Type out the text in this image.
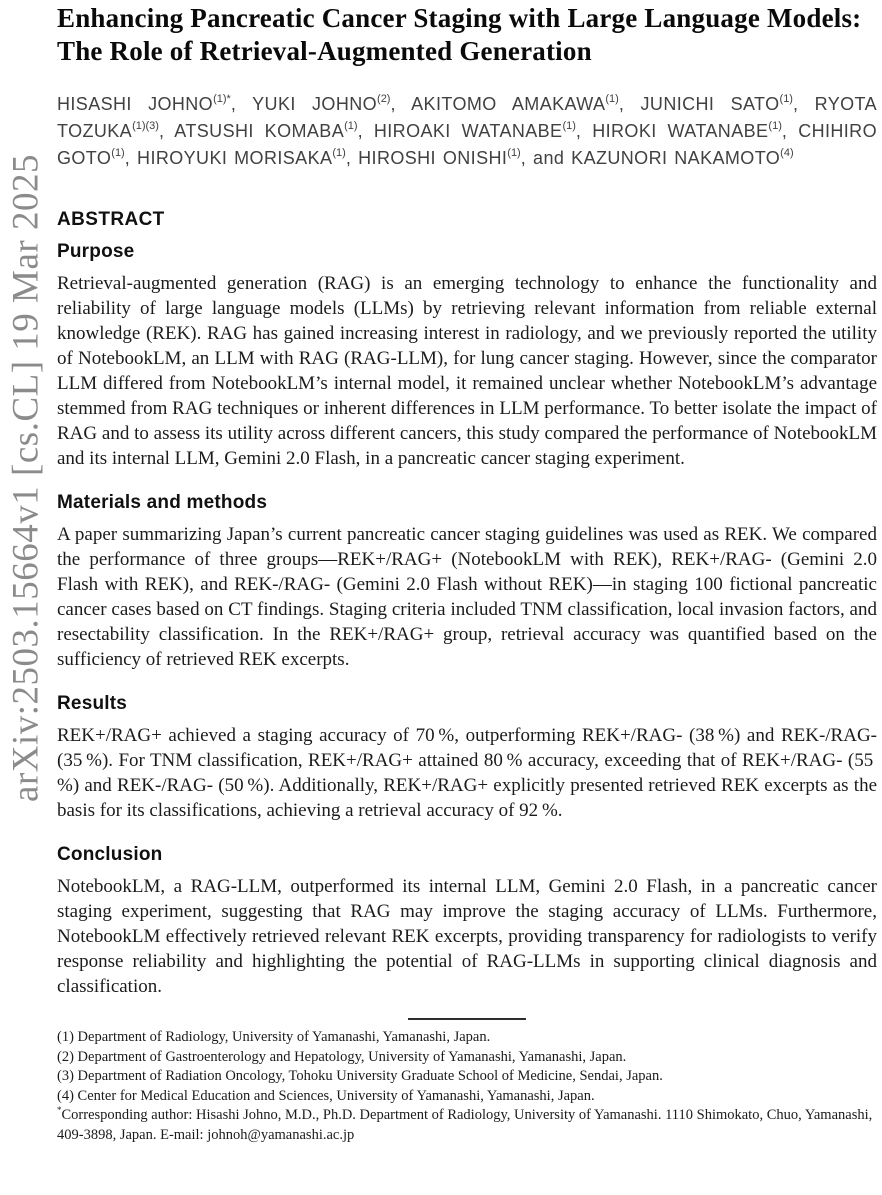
arXiv:2503.15664v1 [cs.CL] 19 Mar 2025
Enhancing Pancreatic Cancer Staging with Large Language Models: The Role of Retrieval-Augmented Generation

HISASHI $JOHNO^{(1)*}$, YUKI JOHNO$^{(2)}$, AKITOMO AMAKAWA$^{(1)}$, JUNICHI SATO$^{(1)}$, RYOTA $TOZUKA^{(1)(3)}$, ATSUSHI KOMABA$^{(1)}$, HIROAKI WATANABE$^{(1)}$, HIROKI WATANABE$^{(1)}$, CHIHIRO GOTO$^{(1)}$, HIROYUKI MORISAKA$^{(1)}$, HIROSHI ONISHI$^{(1)}$, and KAZUNORI NAKAMOTO$^{(4)}$

ABSTRACT
Purpose

Retrieval-augmented generation (RAG) is an emerging technology to enhance the functionality and reliability of large language models (LLMs) by retrieving relevant information from reliable external knowledge (REK). RAG has gained increasing interest in radiology, and we previously reported the utility of NotebookLM, an LLM with RAG (RAG-LLM), for lung cancer staging. However, since the comparator LLM differed from NotebookLM’s internal model, it remained unclear whether NotebookLM’s advantage stemmed from RAG techniques or inherent differences in LLM performance. To better isolate the impact of RAG and to assess its utility across different cancers, this study compared the performance of NotebookLM and its internal LLM, Gemini 2.0 Flash, in a pancreatic cancer staging experiment.

Materials and methods

A paper summarizing Japan’s current pancreatic cancer staging guidelines was used as REK. We compared the performance of three groups—REK+/RAG+ (NotebookLM with REK), REK+/RAG- (Gemini 2.0 Flash with REK), and REK-/RAG- (Gemini 2.0 Flash without REK)—in staging 100 fictional pancreatic cancer cases based on CT findings. Staging criteria included TNM classification, local invasion factors, and resectability classification. In the REK+/RAG+ group, retrieval accuracy was quantified based on the sufficiency of retrieved REK excerpts.

Results

REK+/RAG+ achieved a staging accuracy of 70 %, outperforming REK+/RAG- (38 %) and REK-/RAG- (35 %). For TNM classification, REK+/RAG+ attained 80 % accuracy, exceeding that of REK+/RAG- (55 %) and REK-/RAG- (50 %). Additionally, REK+/RAG+ explicitly presented retrieved REK excerpts as the basis for its classifications, achieving a retrieval accuracy of 92 %.

Conclusion

NotebookLM, a RAG-LLM, outperformed its internal LLM, Gemini 2.0 Flash, in a pancreatic cancer staging experiment, suggesting that RAG may improve the staging accuracy of LLMs. Furthermore, NotebookLM effectively retrieved relevant REK excerpts, providing transparency for radiologists to verify response reliability and highlighting the potential of RAG-LLMs in supporting clinical diagnosis and classification.

(1) Department of Radiology, University of Yamanashi, Yamanashi, Japan.
(2) Department of Gastroenterology and Hepatology, University of Yamanashi, Yamanashi, Japan.
(3) Department of Radiation Oncology, Tohoku University Graduate School of Medicine, Sendai, Japan.
(4) Center for Medical Education and Sciences, University of Yamanashi, Yamanashi, Japan.
*Corresponding author: Hisashi Johno, M.D., Ph.D. Department of Radiology, University of Yamanashi. 1110 Shimokato, Chuo, Yamanashi, 409-3898, Japan. E-mail: johnoh@yamanashi.ac.jp
